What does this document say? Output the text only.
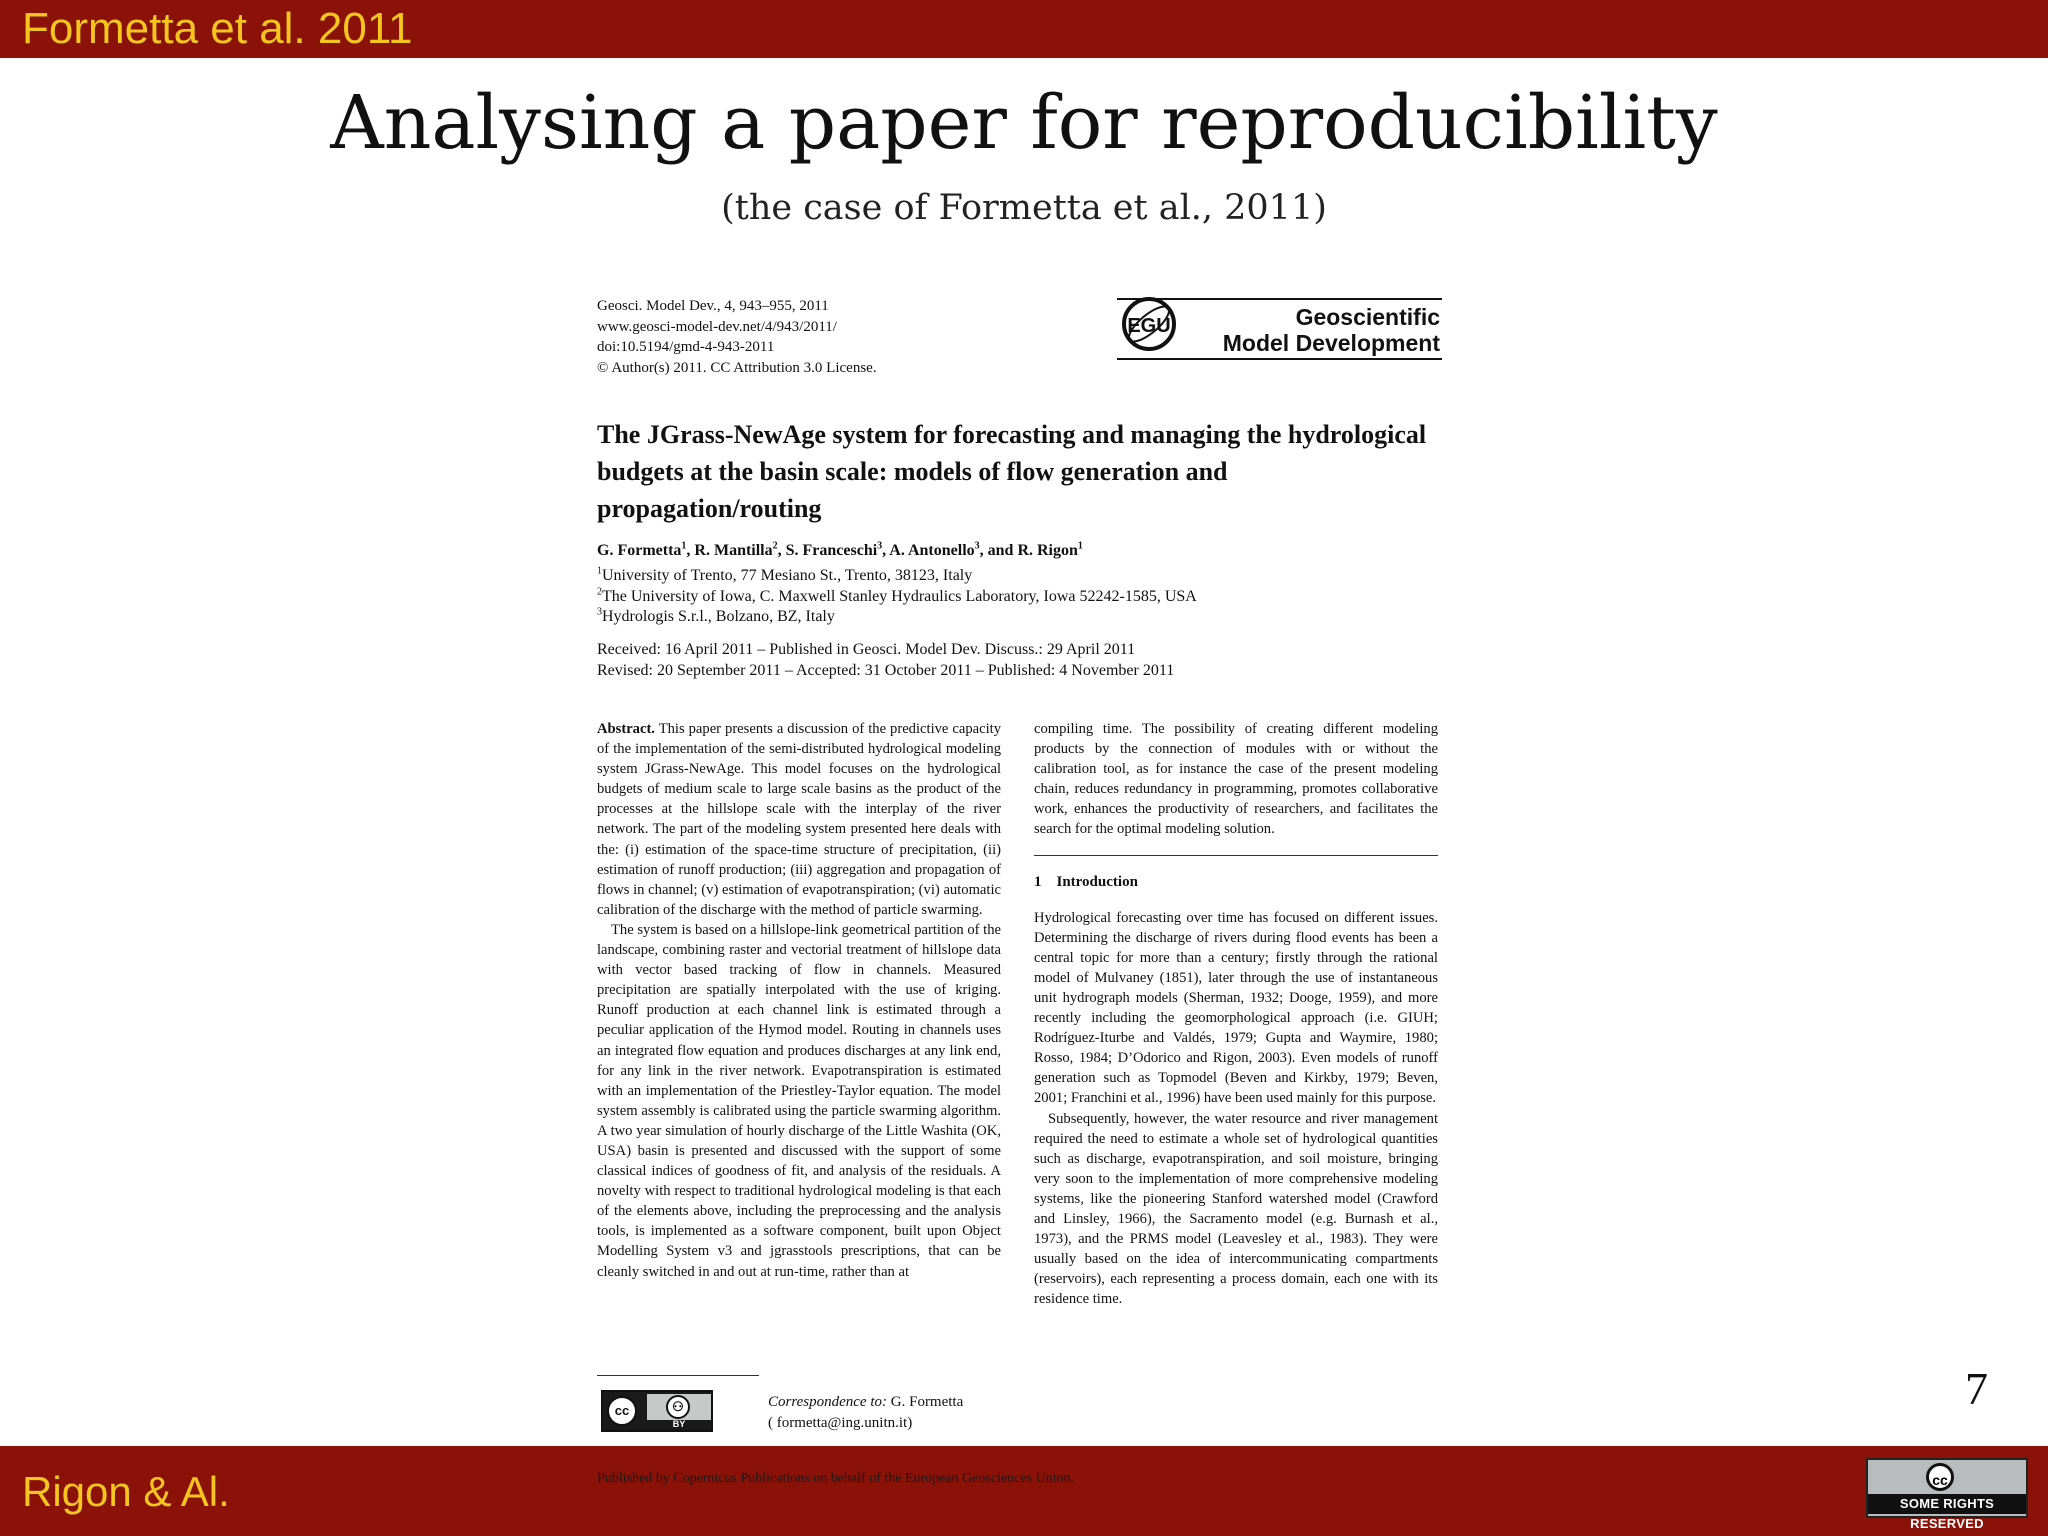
Formetta et al. 2011
Analysing a paper for reproducibility
(the case of Formetta et al., 2011)
Geosci. Model Dev., 4, 943–955, 2011
www.geosci-model-dev.net/4/943/2011/
doi:10.5194/gmd-4-943-2011
© Author(s) 2011. CC Attribution 3.0 License.
EGU	Geoscientific
Model Development
The JGrass-NewAge system for forecasting and managing the hydrological budgets at the basin scale: models of flow generation and propagation/routing
G. Formetta$^1$, R. Mantilla$^2$, S. Franceschi$^3$, A. Antonello$^3$, and R. Rigon$^1$
$^1$University of Trento, 77 Mesiano St., Trento, 38123, Italy
$^2$The University of Iowa, C. Maxwell Stanley Hydraulics Laboratory, Iowa 52242-1585, USA
$^3$Hydrologis S.r.l., Bolzano, BZ, Italy
Received: 16 April 2011 – Published in Geosci. Model Dev. Discuss.: 29 April 2011
Revised: 20 September 2011 – Accepted: 31 October 2011 – Published: 4 November 2011

Abstract. This paper presents a discussion of the predictive capacity of the implementation of the semi-distributed hydrological modeling system JGrass-NewAge. This model focuses on the hydrological budgets of medium scale to large scale basins as the product of the processes at the hillslope scale with the interplay of the river network. The part of the modeling system presented here deals with the: (i) estimation of the space-time structure of precipitation, (ii) estimation of runoff production; (iii) aggregation and propagation of flows in channel; (v) estimation of evapotranspiration; (vi) automatic calibration of the discharge with the method of particle swarming.

The system is based on a hillslope-link geometrical partition of the landscape, combining raster and vectorial treatment of hillslope data with vector based tracking of flow in channels. Measured precipitation are spatially interpolated with the use of kriging. Runoff production at each channel link is estimated through a peculiar application of the Hymod model. Routing in channels uses an integrated flow equation and produces discharges at any link end, for any link in the river network. Evapotranspiration is estimated with an implementation of the Priestley-Taylor equation. The model system assembly is calibrated using the particle swarming algorithm. A two year simulation of hourly discharge of the Little Washita (OK, USA) basin is presented and discussed with the support of some classical indices of goodness of fit, and analysis of the residuals. A novelty with respect to traditional hydrological modeling is that each of the elements above, including the preprocessing and the analysis tools, is implemented as a software component, built upon Object Modelling System v3 and jgrasstools prescriptions, that can be cleanly switched in and out at run-time, rather than at

compiling time. The possibility of creating different modeling products by the connection of modules with or without the calibration tool, as for instance the case of the present modeling chain, reduces redundancy in programming, promotes collaborative work, enhances the productivity of researchers, and facilitates the search for the optimal modeling solution.

1 Introduction

Hydrological forecasting over time has focused on different issues. Determining the discharge of rivers during flood events has been a central topic for more than a century; firstly through the rational model of Mulvaney (1851), later through the use of instantaneous unit hydrograph models (Sherman, 1932; Dooge, 1959), and more recently including the geomorphological approach (i.e. GIUH; Rodríguez-Iturbe and Valdés, 1979; Gupta and Waymire, 1980; Rosso, 1984; D’Odorico and Rigon, 2003). Even models of runoff generation such as Topmodel (Beven and Kirkby, 1979; Beven, 2001; Franchini et al., 1996) have been used mainly for this purpose.

Subsequently, however, the water resource and river management required the need to estimate a whole set of hydrological quantities such as discharge, evapotranspiration, and soil moisture, bringing very soon to the implementation of more comprehensive modeling systems, like the pioneering Stanford watershed model (Crawford and Linsley, 1966), the Sacramento model (e.g. Burnash et al., 1973), and the PRMS model (Leavesley et al., 1983). They were usually based on the idea of intercommunicating compartments (reservoirs), each representing a process domain, each one with its residence time.

cc	⚇
BY
Correspondence to: G. Formetta
( formetta@ing.unitn.it)
7
Rigon & Al.	Published by Copernicus Publications on behalf of the European Geosciences Union.	cc
SOME RIGHTS RESERVED
